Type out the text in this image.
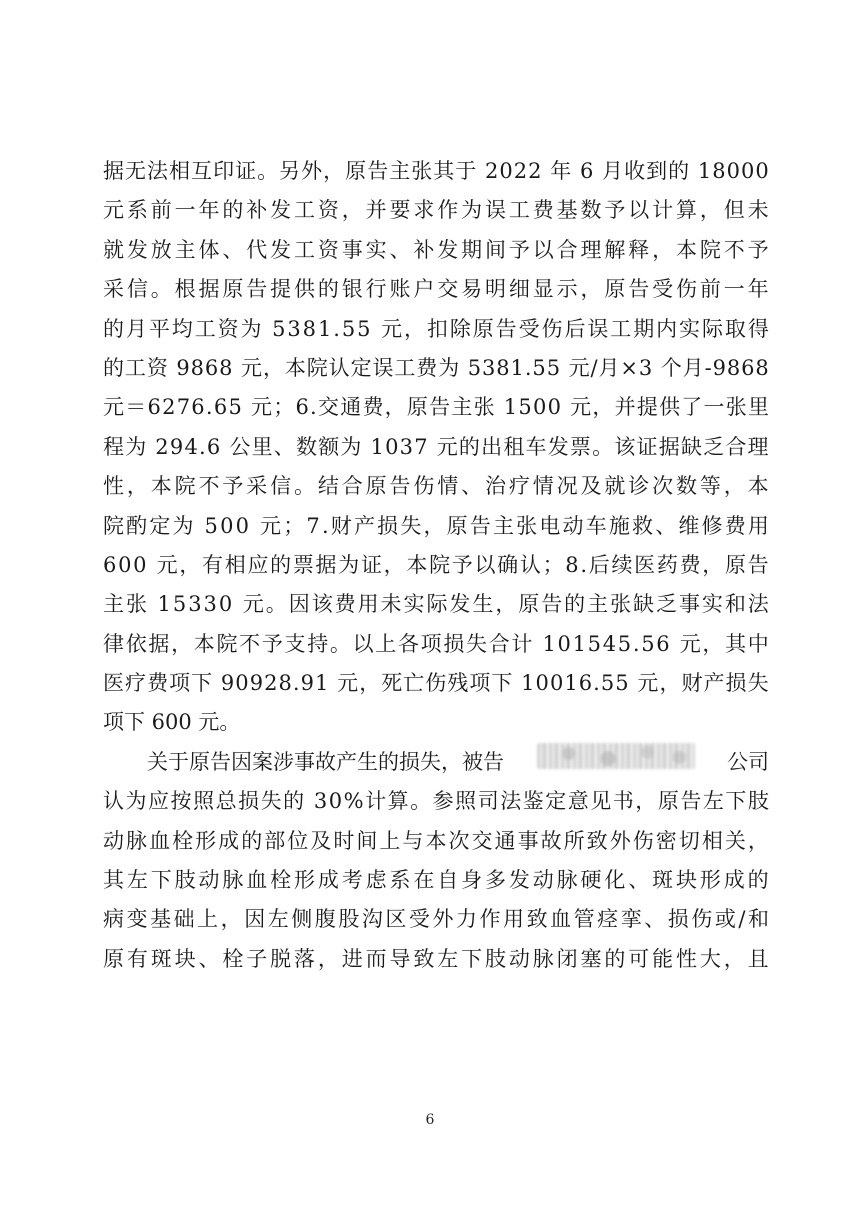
据 无 法 相 互 印 证 。 另 外 ， 原 告 主 张 其 于
2 0 2 2
年
6
月 收 到 的
1 8 0 0 0
元 系 前 一 年 的 补 发 工 资 ， 并 要 求 作 为 误 工 费 基 数 予 以 计 算 ， 但 未
就 发 放 主 体 、 代 发 工 资 事 实 、 补 发 期 间 予 以 合 理 解 释 ， 本 院 不 予
采 信 。 根 据 原 告 提 供 的 银 行 账 户 交 易 明 细 显 示 ， 原 告 受 伤 前 一 年
的 月 平 均 工 资 为
5 3 8 1 . 5 5
元 ， 扣 除 原 告 受 伤 后 误 工 期 内 实 际 取 得
的 工 资
9 8 6 8
元 ， 本 院 认 定 误 工 费 为
5 3 8 1 . 5 5
元 / 月 × 3
个 月 - 9 8 6 8
元 ＝ 6 2 7 6 . 6 5
元 ； 6 . 交 通 费 ， 原 告 主 张
1 5 0 0
元 ， 并 提 供 了 一 张 里
程 为
2 9 4 . 6
公 里 、 数 额 为
1 0 3 7
元 的 出 租 车 发 票 。 该 证 据 缺 乏 合 理
性 ， 本 院 不 予 采 信 。 结 合 原 告 伤 情 、 治 疗 情 况 及 就 诊 次 数 等 ， 本
院 酌 定 为
5 0 0
元 ； 7 . 财 产 损 失 ， 原 告 主 张 电 动 车 施 救 、 维 修 费 用
6 0 0
元 ， 有 相 应 的 票 据 为 证 ， 本 院 予 以 确 认 ； 8 . 后 续 医 药 费 ， 原 告
主 张
1 5 3 3 0
元 。 因 该 费 用 未 实 际 发 生 ， 原 告 的 主 张 缺 乏 事 实 和 法
律 依 据 ， 本 院 不 予 支 持 。 以 上 各 项 损 失 合 计
1 0 1 5 4 5 . 5 6
元 ， 其 中
医 疗 费 项 下
9 0 9 2 8 . 9 1
元 ， 死 亡 伤 残 项 下
1 0 0 1 6 . 5 5
元 ， 财 产 损 失
项下 600 元。
关于原告因案涉事故产生的损失，被告	公司
认 为 应 按 照 总 损 失 的
3 0 % 计 算 。 参 照 司 法 鉴 定 意 见 书 ， 原 告 左 下 肢
动 脉 血 栓 形 成 的 部 位 及 时 间 上 与 本 次 交 通 事 故 所 致 外 伤 密 切 相 关 ，
其 左 下 肢 动 脉 血 栓 形 成 考 虑 系 在 自 身 多 发 动 脉 硬 化 、 斑 块 形 成 的
病 变 基 础 上 ， 因 左 侧 腹 股 沟 区 受 外 力 作 用 致 血 管 痉 挛 、 损 伤 或 / 和
原 有 斑 块 、 栓 子 脱 落 ， 进 而 导 致 左 下 肢 动 脉 闭 塞 的 可 能 性 大 ， 且
6
